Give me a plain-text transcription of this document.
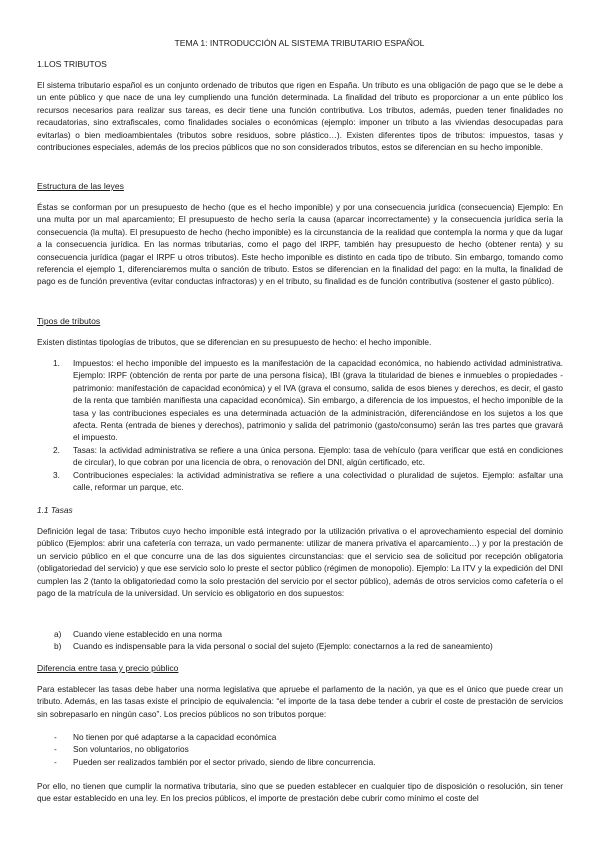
TEMA 1: INTRODUCCIÓN AL SISTEMA TRIBUTARIO ESPAÑOL
1.LOS TRIBUTOS

El sistema tributario español es un conjunto ordenado de tributos que rigen en España. Un tributo es una obligación de pago que se le debe a un ente público y que nace de una ley cumpliendo una función determinada. La finalidad del tributo es proporcionar a un ente público los recursos necesarios para realizar sus tareas, es decir tiene una función contributiva. Los tributos, además, pueden tener finalidades no recaudatorias, sino extrafiscales, como finalidades sociales o económicas (ejemplo: imponer un tributo a las viviendas desocupadas para evitarlas) o bien medioambientales (tributos sobre residuos, sobre plástico…). Existen diferentes tipos de tributos: impuestos, tasas y contribuciones especiales, además de los precios públicos que no son considerados tributos, estos se diferencian en su hecho imponible.

Estructura de las leyes

Éstas se conforman por un presupuesto de hecho (que es el hecho imponible) y por una consecuencia jurídica (consecuencia) Ejemplo: En una multa por un mal aparcamiento; El presupuesto de hecho sería la causa (aparcar incorrectamente) y la consecuencia jurídica sería la consecuencia (la multa). El presupuesto de hecho (hecho imponible) es la circunstancia de la realidad que contempla la norma y que da lugar a la consecuencia jurídica. En las normas tributarias, como el pago del IRPF, también hay presupuesto de hecho (obtener renta) y su consecuencia jurídica (pagar el IRPF u otros tributos). Este hecho imponible es distinto en cada tipo de tributo. Sin embargo, tomando como referencia el ejemplo 1, diferenciaremos multa o sanción de tributo. Estos se diferencian en la finalidad del pago: en la multa, la finalidad de pago es de función preventiva (evitar conductas infractoras) y en el tributo, su finalidad es de función contributiva (sostener el gasto público).

Tipos de tributos

Existen distintas tipologías de tributos, que se diferencian en su presupuesto de hecho: el hecho imponible.

1. Impuestos: el hecho imponible del impuesto es la manifestación de la capacidad económica, no habiendo actividad administrativa. Ejemplo: IRPF (obtención de renta por parte de una persona física), IBI (grava la titularidad de bienes e inmuebles o propiedades - patrimonio: manifestación de capacidad económica) y el IVA (grava el consumo, salida de esos bienes y derechos, es decir, el gasto de la renta que también manifiesta una capacidad económica). Sin embargo, a diferencia de los impuestos, el hecho imponible de la tasa y las contribuciones especiales es una determinada actuación de la administración, diferenciándose en los sujetos a los que afecta. Renta (entrada de bienes y derechos), patrimonio y salida del patrimonio (gasto/consumo) serán las tres partes que gravará el impuesto.
2. Tasas: la actividad administrativa se refiere a una única persona. Ejemplo: tasa de vehículo (para verificar que está en condiciones de circular), lo que cobran por una licencia de obra, o renovación del DNI, algún certificado, etc.
3. Contribuciones especiales: la actividad administrativa se refiere a una colectividad o pluralidad de sujetos. Ejemplo: asfaltar una calle, reformar un parque, etc.
1.1 Tasas

Definición legal de tasa: Tributos cuyo hecho imponible está integrado por la utilización privativa o el aprovechamiento especial del dominio público (Ejemplos: abrir una cafetería con terraza, un vado permanente: utilizar de manera privativa el aparcamiento…) y por la prestación de un servicio público en el que concurre una de las dos siguientes circunstancias: que el servicio sea de solicitud por recepción obligatoria (obligatoriedad del servicio) y que ese servicio solo lo preste el sector público (régimen de monopolio). Ejemplo: La ITV y la expedición del DNI cumplen las 2 (tanto la obligatoriedad como la solo prestación del servicio por el sector público), además de otros servicios como cafetería o el pago de la matrícula de la universidad. Un servicio es obligatorio en dos supuestos:

a) Cuando viene establecido en una norma
b) Cuando es indispensable para la vida personal o social del sujeto (Ejemplo: conectarnos a la red de saneamiento)
Diferencia entre tasa y precio público

Para establecer las tasas debe haber una norma legislativa que apruebe el parlamento de la nación, ya que es el único que puede crear un tributo. Además, en las tasas existe el principio de equivalencia: “el importe de la tasa debe tender a cubrir el coste de prestación de servicios sin sobrepasarlo en ningún caso”. Los precios públicos no son tributos porque:

- No tienen por qué adaptarse a la capacidad económica
- Son voluntarios, no obligatorios
- Pueden ser realizados también por el sector privado, siendo de libre concurrencia.

Por ello, no tienen que cumplir la normativa tributaria, sino que se pueden establecer en cualquier tipo de disposición o resolución, sin tener que estar establecido en una ley. En los precios públicos, el importe de prestación debe cubrir como mínimo el coste del
